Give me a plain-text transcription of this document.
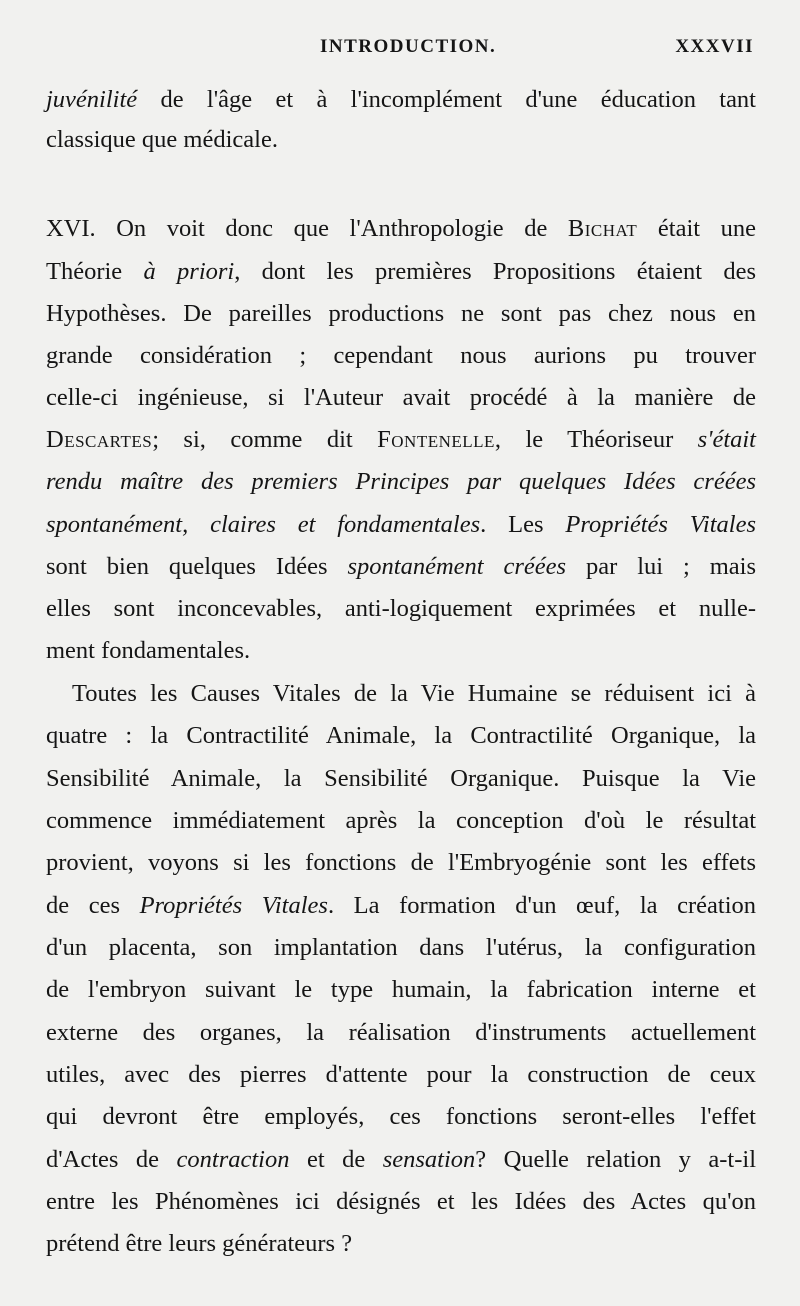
INTRODUCTION.	XXXVII
juvénilité de l'âge et à l'incomplément d'une éducation tant
classique que médicale.
XVI. On voit donc que l'Anthropologie de Bichat était une
Théorie à priori, dont les premières Propositions étaient des
Hypothèses. De pareilles productions ne sont pas chez nous en
grande considération ; cependant nous aurions pu trouver
celle-ci ingénieuse, si l'Auteur avait procédé à la manière de
Descartes; si, comme dit Fontenelle, le Théoriseur s'était
rendu maître des premiers Principes par quelques Idées créées
spontanément, claires et fondamentales. Les Propriétés Vitales
sont bien quelques Idées spontanément créées par lui ; mais
elles sont inconcevables, anti-logiquement exprimées et nulle-
ment fondamentales.
Toutes les Causes Vitales de la Vie Humaine se réduisent ici à
quatre : la Contractilité Animale, la Contractilité Organique, la
Sensibilité Animale, la Sensibilité Organique. Puisque la Vie
commence immédiatement après la conception d'où le résultat
provient, voyons si les fonctions de l'Embryogénie sont les effets
de ces Propriétés Vitales. La formation d'un œuf, la création
d'un placenta, son implantation dans l'utérus, la configuration
de l'embryon suivant le type humain, la fabrication interne et
externe des organes, la réalisation d'instruments actuellement
utiles, avec des pierres d'attente pour la construction de ceux
qui devront être employés, ces fonctions seront-elles l'effet
d'Actes de contraction et de sensation? Quelle relation y a-t-il
entre les Phénomènes ici désignés et les Idées des Actes qu'on
prétend être leurs générateurs ?
